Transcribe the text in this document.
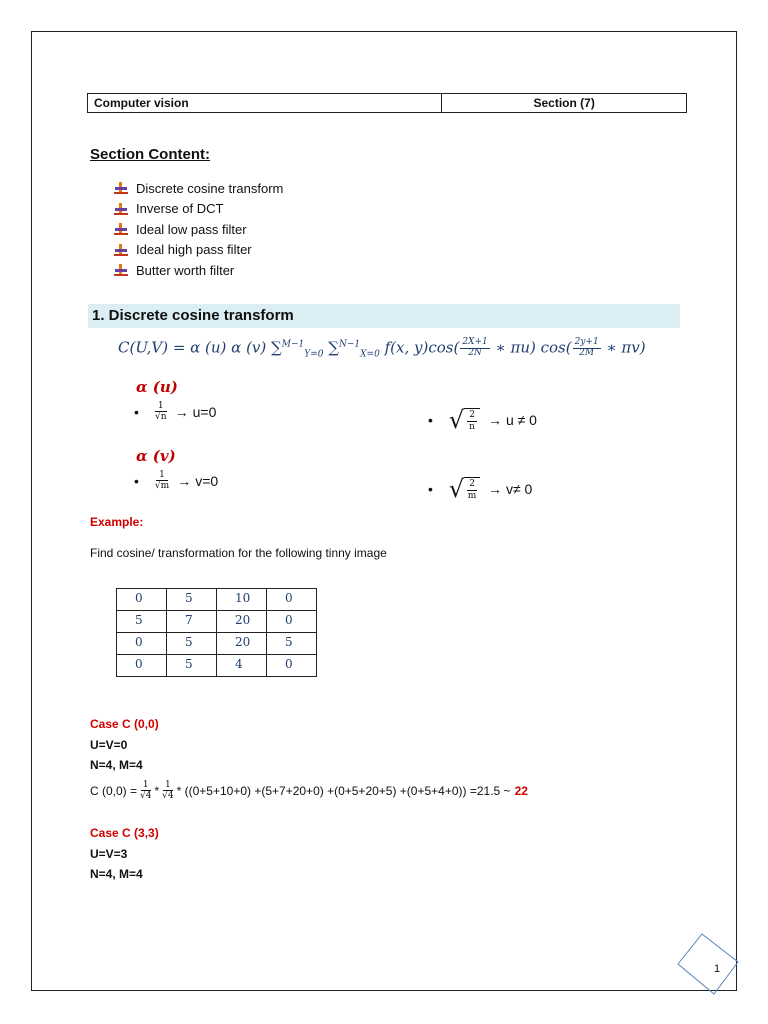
Computer vision	Section (7)
Section Content:
Discrete cosine transform
Inverse of DCT
Ideal low pass filter
Ideal high pass filter
Butter worth filter
1. Discrete cosine transform
C(U,V) = α (u) α (v) ∑$^{M-1}_{Y=0}$ ∑$^{N-1}_{X=0}$ f(x, $y)\cos( \frac{2X+1}{2N}$ ∗ πu) $\cos( \frac{2y+1}{2M}$ ∗ πv)
α (u)
•	1
√n → u=0
• √ 2
n → u ≠ 0
α (v)
•	1
√m → v=0
• √ 2
m → v≠ 0
Example:
Find cosine/ transformation for the following tinny image
0	5	10	0
5	7	20	0
0	5	20	5
0	5	4	0
Case C (0,0)
U=V=0
N=4, M=4
C $(0,0) = \frac{1}{√4} * 1$
√4 * ((0+5+10+0) +(5+7+20+0) +(0+5+20+5) +(0+5+4+0)) =21.5 ~ 22
Case C (3,3)
U=V=3
N=4, M=4
1
